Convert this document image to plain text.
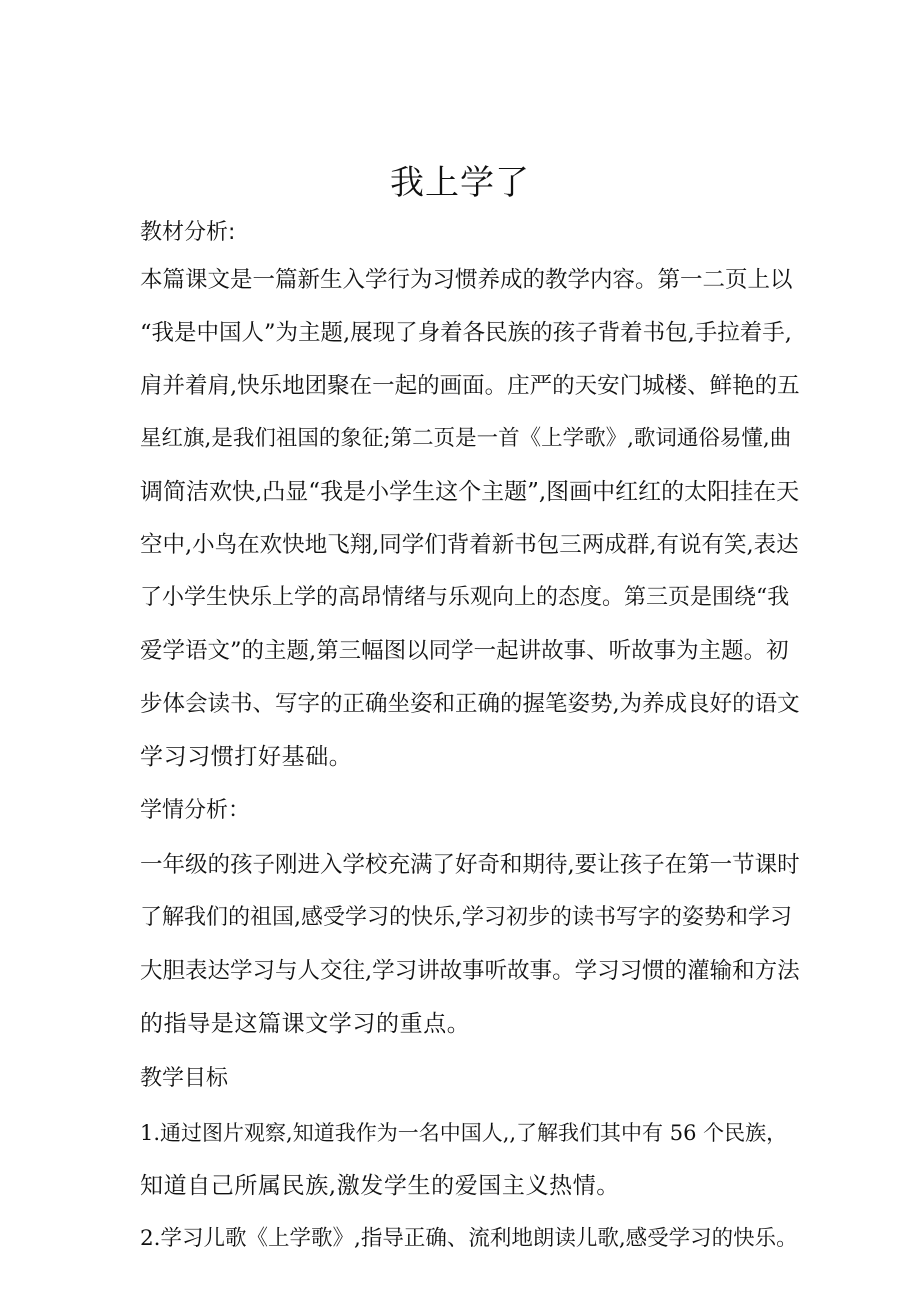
我上学了
教材分析:
本篇课文是一篇新生入学行为习惯养成的教学内容。第一二页上以
“我是中国人”为主题,展现了身着各民族的孩子背着书包,手拉着手,
肩并着肩,快乐地团聚在一起的画面。庄严的天安门城楼、鲜艳的五
星红旗,是我们祖国的象征;第二页是一首《上学歌》,歌词通俗易懂,曲
调简洁欢快,凸显“我是小学生这个主题”,图画中红红的太阳挂在天
空中,小鸟在欢快地飞翔,同学们背着新书包三两成群,有说有笑,表达
了小学生快乐上学的高昂情绪与乐观向上的态度。第三页是围绕“我
爱学语文”的主题,第三幅图以同学一起讲故事、听故事为主题。初
步体会读书、写字的正确坐姿和正确的握笔姿势,为养成良好的语文
学习习惯打好基础。
学情分析：
一年级的孩子刚进入学校充满了好奇和期待,要让孩子在第一节课时
了解我们的祖国,感受学习的快乐,学习初步的读书写字的姿势和学习
大胆表达学习与人交往,学习讲故事听故事。学习习惯的灌输和方法
的指导是这篇课文学习的重点。
教学目标
1.通过图片观察,知道我作为一名中国人,,了解我们其中有 56 个民族，
知道自己所属民族,激发学生的爱国主义热情。
2.学习儿歌《上学歌》,指导正确、流利地朗读儿歌,感受学习的快乐。
